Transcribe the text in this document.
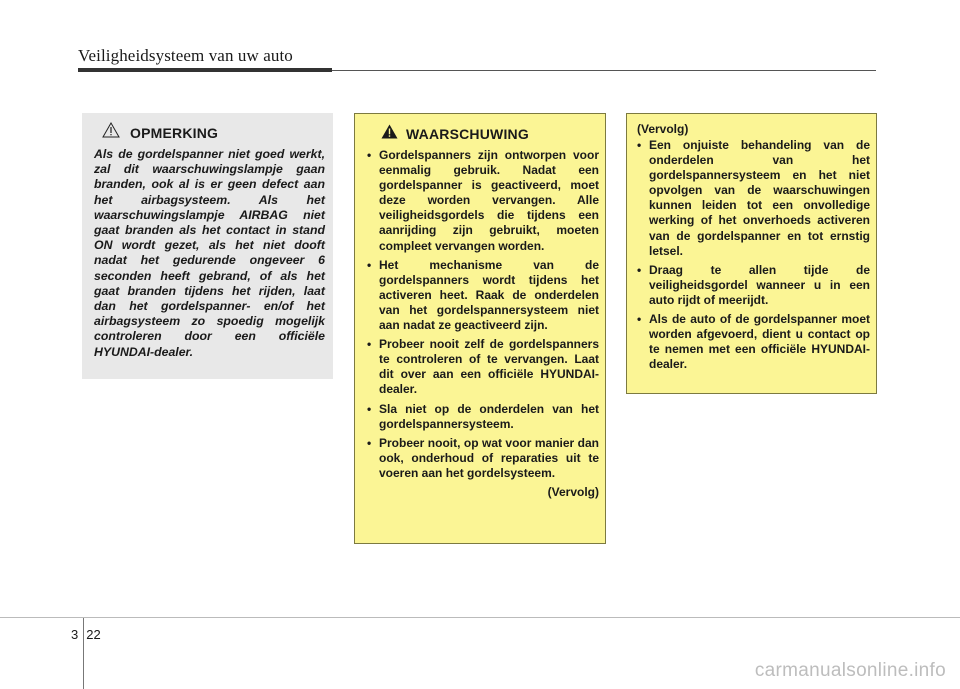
Veiligheidsysteem van uw auto
OPMERKING

Als de gordelspanner niet goed werkt, zal dit waarschuwingslampje gaan branden, ook al is er geen defect aan het airbagsysteem. Als het waarschuwingslampje AIRBAG niet gaat branden als het contact in stand ON wordt gezet, als het niet dooft nadat het gedurende ongeveer 6 seconden heeft gebrand, of als het gaat branden tijdens het rijden, laat dan het gordelspanner- en/of het airbagsysteem zo spoedig mogelijk controleren door een officiële HYUNDAI-dealer.

WAARSCHUWING
• Gordelspanners zijn ontworpen voor eenmalig gebruik. Nadat een gordelspanner is geactiveerd, moet deze worden vervangen. Alle veiligheidsgordels die tijdens een aanrijding zijn gebruikt, moeten compleet vervangen worden.
• Het mechanisme van de gordelspanners wordt tijdens het activeren heet. Raak de onderdelen van het gordelspannersysteem niet aan nadat ze geactiveerd zijn.
• Probeer nooit zelf de gordelspanners te controleren of te vervangen. Laat dit over aan een officiële HYUNDAI-dealer.
• Sla niet op de onderdelen van het gordelspannersysteem.
• Probeer nooit, op wat voor manier dan ook, onderhoud of reparaties uit te voeren aan het gordelsysteem.
(Vervolg)
(Vervolg)
• Een onjuiste behandeling van de onderdelen van het gordelspannersysteem en het niet opvolgen van de waarschuwingen kunnen leiden tot een onvolledige werking of het onverhoeds activeren van de gordelspanner en tot ernstig letsel.
• Draag te allen tijde de veiligheidsgordel wanneer u in een auto rijdt of meerijdt.
• Als de auto of de gordelspanner moet worden afgevoerd, dient u contact op te nemen met een officiële HYUNDAI-dealer.
3 22
carmanualsonline.info
